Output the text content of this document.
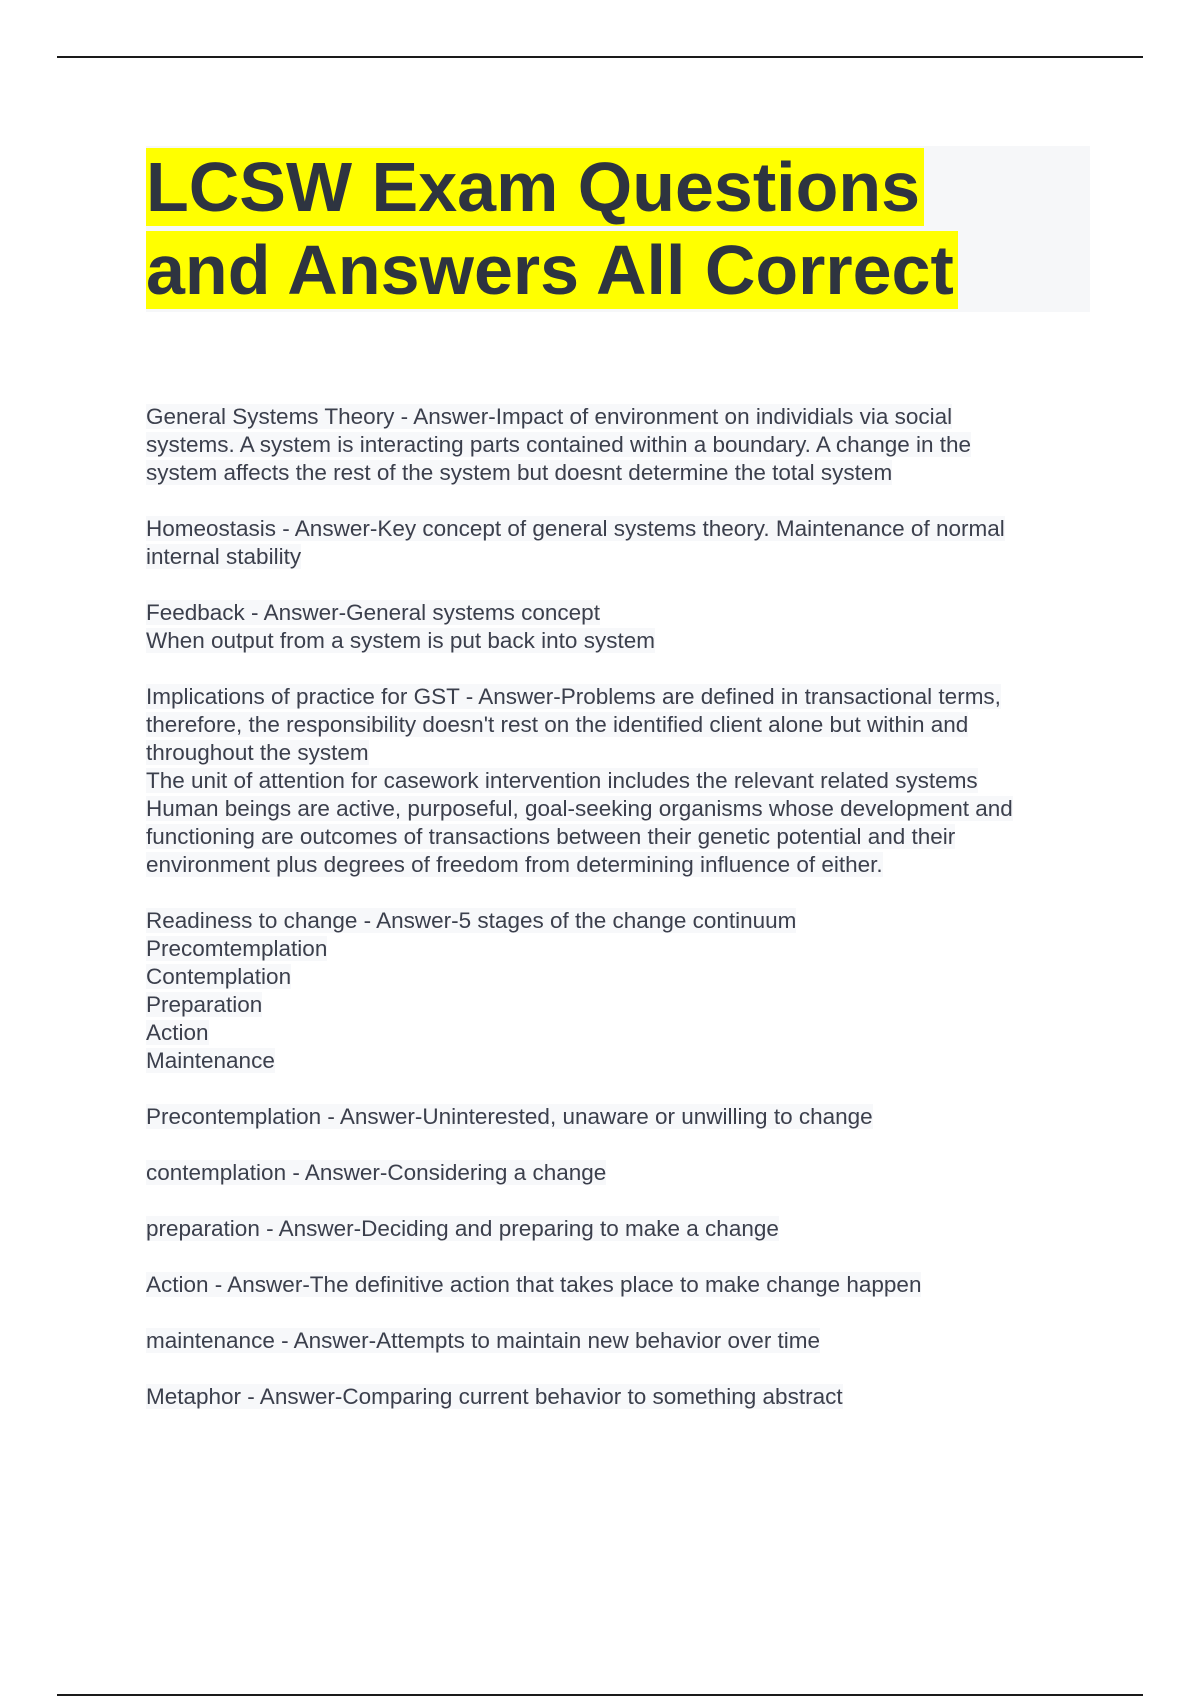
LCSW Exam Questions
and Answers All Correct
General Systems Theory - Answer-Impact of environment on individials via social
systems. A system is interacting parts contained within a boundary. A change in the
system affects the rest of the system but doesnt determine the total system
Homeostasis - Answer-Key concept of general systems theory. Maintenance of normal
internal stability
Feedback - Answer-General systems concept
When output from a system is put back into system
Implications of practice for GST - Answer-Problems are defined in transactional terms,
therefore, the responsibility doesn't rest on the identified client alone but within and
throughout the system
The unit of attention for casework intervention includes the relevant related systems
Human beings are active, purposeful, goal-seeking organisms whose development and
functioning are outcomes of transactions between their genetic potential and their
environment plus degrees of freedom from determining influence of either.
Readiness to change - Answer-5 stages of the change continuum
Precomtemplation
Contemplation
Preparation
Action
Maintenance
Precontemplation - Answer-Uninterested, unaware or unwilling to change
contemplation - Answer-Considering a change
preparation - Answer-Deciding and preparing to make a change
Action - Answer-The definitive action that takes place to make change happen
maintenance - Answer-Attempts to maintain new behavior over time
Metaphor - Answer-Comparing current behavior to something abstract
